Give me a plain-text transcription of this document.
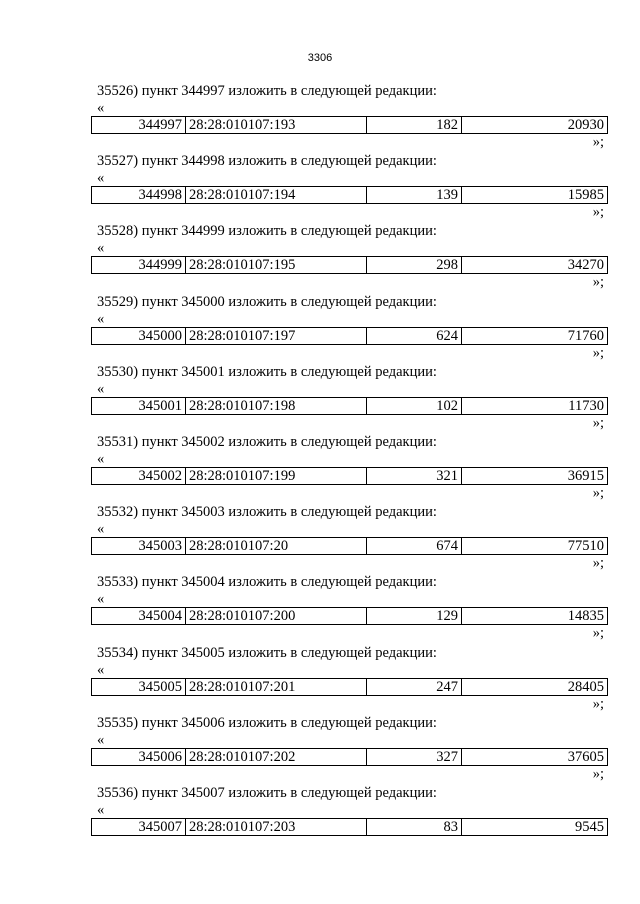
3306
35526) пункт 344997 изложить в следующей редакции:
«
344997	28:28:010107:193	182	20930
»;
35527) пункт 344998 изложить в следующей редакции:
«
344998	28:28:010107:194	139	15985
»;
35528) пункт 344999 изложить в следующей редакции:
«
344999	28:28:010107:195	298	34270
»;
35529) пункт 345000 изложить в следующей редакции:
«
345000	28:28:010107:197	624	71760
»;
35530) пункт 345001 изложить в следующей редакции:
«
345001	28:28:010107:198	102	11730
»;
35531) пункт 345002 изложить в следующей редакции:
«
345002	28:28:010107:199	321	36915
»;
35532) пункт 345003 изложить в следующей редакции:
«
345003	28:28:010107:20	674	77510
»;
35533) пункт 345004 изложить в следующей редакции:
«
345004	28:28:010107:200	129	14835
»;
35534) пункт 345005 изложить в следующей редакции:
«
345005	28:28:010107:201	247	28405
»;
35535) пункт 345006 изложить в следующей редакции:
«
345006	28:28:010107:202	327	37605
»;
35536) пункт 345007 изложить в следующей редакции:
«
345007	28:28:010107:203	83	9545
